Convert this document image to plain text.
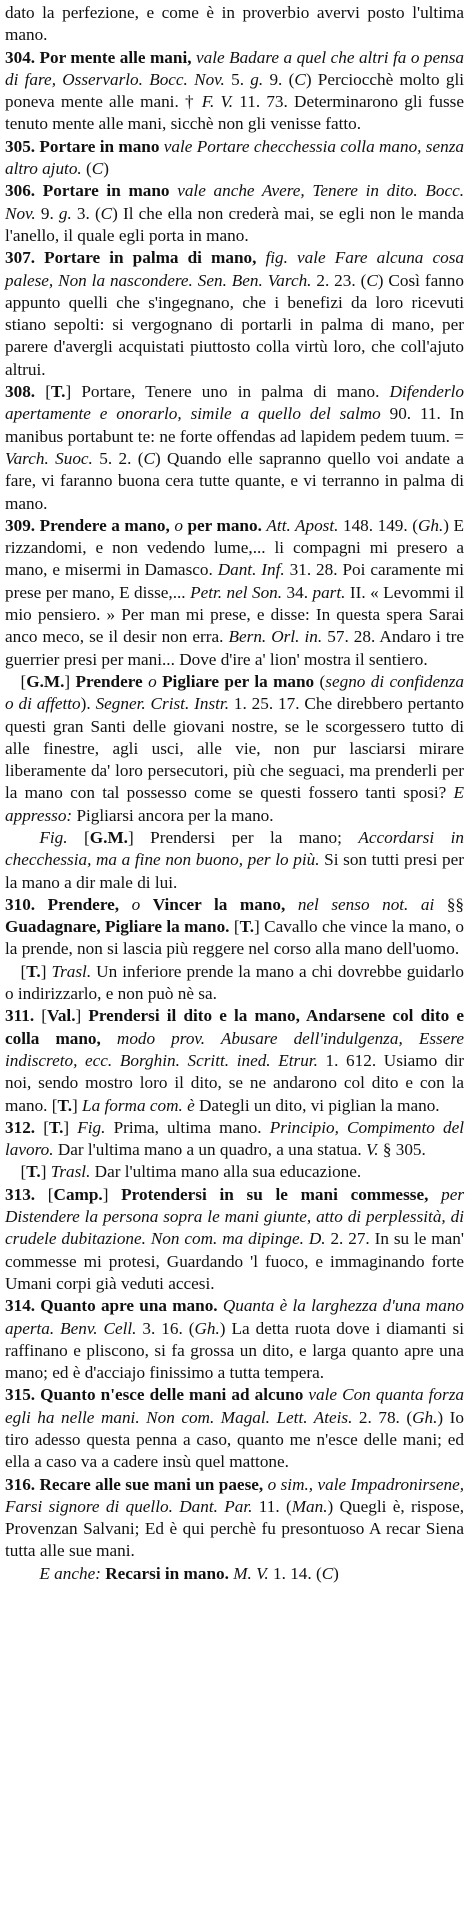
dato la perfezione, e come è in proverbio avervi posto l'ultima mano.

304. Por mente alle mani, vale Badare a quel che altri fa o pensa di fare, Osservarlo. Bocc. Nov. 5. g. 9. (C) Perciocchè molto gli poneva mente alle mani. † F. V. 11. 73. Determinarono gli fusse tenuto mente alle mani, sicchè non gli venisse fatto.

305. Portare in mano vale Portare checchessia colla mano, senza altro ajuto. (C)

306. Portare in mano vale anche Avere, Tenere in dito. Bocc. Nov. 9. g. 3. (C) Il che ella non crederà mai, se egli non le manda l'anello, il quale egli porta in mano.

307. Portare in palma di mano, fig. vale Fare alcuna cosa palese, Non la nascondere. Sen. Ben. Varch. 2. 23. (C) Così fanno appunto quelli che s'ingegnano, che i benefizi da loro ricevuti stiano sepolti: si vergognano di portarli in palma di mano, per parere d'avergli acquistati piuttosto colla virtù loro, che coll'ajuto altrui.

308. [T.] Portare, Tenere uno in palma di mano. Difenderlo apertamente e onorarlo, simile a quello del salmo 90. 11. In manibus portabunt te: ne forte offendas ad lapidem pedem tuum. = Varch. Suoc. 5. 2. (C) Quando elle sapranno quello voi andate a fare, vi faranno buona cera tutte quante, e vi terranno in palma di mano.

309. Prendere a mano, o per mano. Att. Apost. 148. 149. (Gh.) E rizzandomi, e non vedendo lume,... li compagni mi presero a mano, e misermi in Damasco. Dant. Inf. 31. 28. Poi caramente mi prese per mano, E disse,... Petr. nel Son. 34. part. II. « Levommi il mio pensiero. » Per man mi prese, e disse: In questa spera Sarai anco meco, se il desir non erra. Bern. Orl. in. 57. 28. Andaro i tre guerrier presi per mani... Dove d'ire a' lion' mostra il sentiero.

[G.M.] Prendere o Pigliare per la mano (segno di confidenza o di affetto). Segner. Crist. Instr. 1. 25. 17. Che direbbero pertanto questi gran Santi delle giovani nostre, se le scorgessero tutto di alle finestre, agli usci, alle vie, non pur lasciarsi mirare liberamente da' loro persecutori, più che seguaci, ma prenderli per la mano con tal possesso come se questi fossero tanti sposi? E appresso: Pigliarsi ancora per la mano.

Fig. [G.M.] Prendersi per la mano; Accordarsi in checchessia, ma a fine non buono, per lo più. Si son tutti presi per la mano a dir male di lui.

310. Prendere, o Vincer la mano, nel senso not. ai §§ Guadagnare, Pigliare la mano. [T.] Cavallo che vince la mano, o la prende, non si lascia più reggere nel corso alla mano dell'uomo.

[T.] Trasl. Un inferiore prende la mano a chi dovrebbe guidarlo o indirizzarlo, e non può nè sa.

311. [Val.] Prendersi il dito e la mano, Andarsene col dito e colla mano, modo prov. Abusare dell'indulgenza, Essere indiscreto, ecc. Borghin. Scritt. ined. Etrur. 1. 612. Usiamo dir noi, sendo mostro loro il dito, se ne andarono col dito e con la mano. [T.] La forma com. è Dategli un dito, vi piglian la mano.

312. [T.] Fig. Prima, ultima mano. Principio, Compimento del lavoro. Dar l'ultima mano a un quadro, a una statua. V. § 305.

[T.] Trasl. Dar l'ultima mano alla sua educazione.

313. [Camp.] Protendersi in su le mani commesse, per Distendere la persona sopra le mani giunte, atto di perplessità, di crudele dubitazione. Non com. ma dipinge. D. 2. 27. In su le man' commesse mi protesi, Guardando 'l fuoco, e immaginando forte Umani corpi già veduti accesi.

314. Quanto apre una mano. Quanta è la larghezza d'una mano aperta. Benv. Cell. 3. 16. (Gh.) La detta ruota dove i diamanti si raffinano e pliscono, si fa grossa un dito, e larga quanto apre una mano; ed è d'acciajo finissimo a tutta tempera.

315. Quanto n'esce delle mani ad alcuno vale Con quanta forza egli ha nelle mani. Non com. Magal. Lett. Ateis. 2. 78. (Gh.) Io tiro adesso questa penna a caso, quanto me n'esce delle mani; ed ella a caso va a cadere insù quel mattone.

316. Recare alle sue mani un paese, o sim., vale Impadronirsene, Farsi signore di quello. Dant. Par. 11. (Man.) Quegli è, rispose, Provenzan Salvani; Ed è qui perchè fu presontuoso A recar Siena tutta alle sue mani.

E anche: Recarsi in mano. M. V. 1. 14. (C)
